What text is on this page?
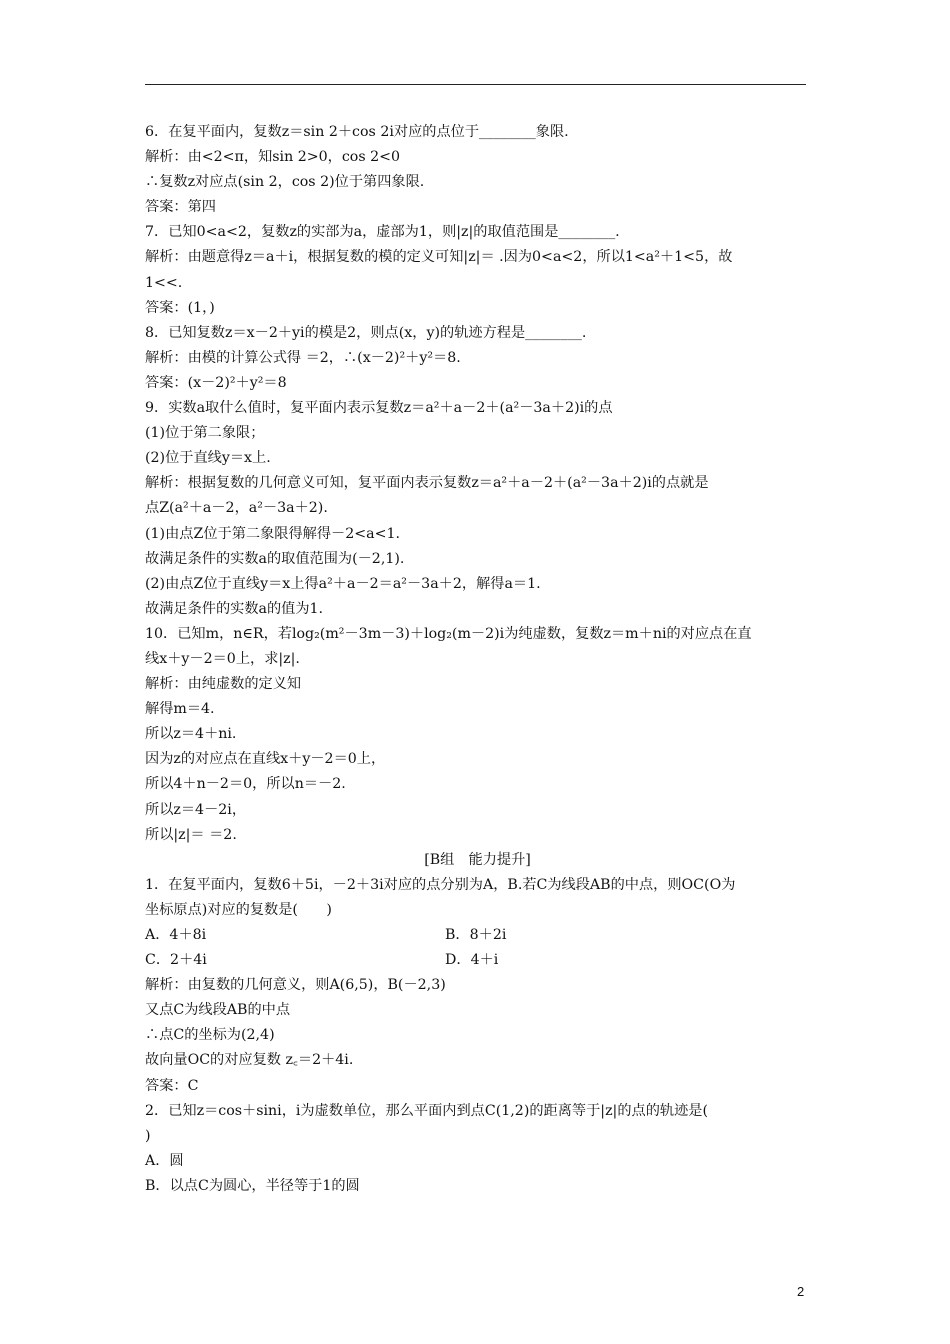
6．在复平面内，复数z＝sin 2＋cos 2i对应的点位于________象限.
解析：由<2<π，知sin 2>0，cos 2<0
∴复数z对应点(sin 2，cos 2)位于第四象限.
答案：第四
7．已知0<a<2，复数z的实部为a，虚部为1，则|z|的取值范围是________.
解析：由题意得z＝a＋i，根据复数的模的定义可知|z|＝ .因为0<a<2，所以1<a²＋1<5，故
1<<.
答案：(1，)
8．已知复数z＝x－2＋yi的模是2，则点(x，y)的轨迹方程是________.
解析：由模的计算公式得 ＝2，∴(x－2)²＋y²＝8.
答案：(x－2)²＋y²＝8
9．实数a取什么值时，复平面内表示复数z＝a²＋a－2＋(a²－3a＋2)i的点
(1)位于第二象限；
(2)位于直线y＝x上.
解析：根据复数的几何意义可知，复平面内表示复数z＝a²＋a－2＋(a²－3a＋2)i的点就是
点Z(a²＋a－2，a²－3a＋2).
(1)由点Z位于第二象限得解得－2<a<1.
故满足条件的实数a的取值范围为(－2,1).
(2)由点Z位于直线y＝x上得a²＋a－2＝a²－3a＋2，解得a＝1.
故满足条件的实数a的值为1.
10．已知m，n∈R，若log₂(m²－3m－3)＋log₂(m－2)i为纯虚数，复数z＝m＋ni的对应点在直
线x＋y－2＝0上，求|z|.
解析：由纯虚数的定义知
解得m＝4.
所以z＝4＋ni.
因为z的对应点在直线x＋y－2＝0上，
所以4＋n－2＝0，所以n＝－2.
所以z＝4－2i，
所以|z|＝ ＝2.
[B组　能力提升]
1．在复平面内，复数6＋5i，－2＋3i对应的点分别为A，B.若C为线段AB的中点，则OC(O为
坐标原点)对应的复数是(　　)
A．4＋8i	B．8＋2i
C．2＋4i	D．4＋i
解析：由复数的几何意义，则A(6,5)，B(－2,3)
又点C为线段AB的中点
∴点C的坐标为(2,4)
故向量OC的对应复数 z꜀＝2＋4i.
答案：C
2．已知z＝cos＋sini，i为虚数单位，那么平面内到点C(1,2)的距离等于|z|的点的轨迹是(
)
A．圆
B．以点C为圆心，半径等于1的圆
2
